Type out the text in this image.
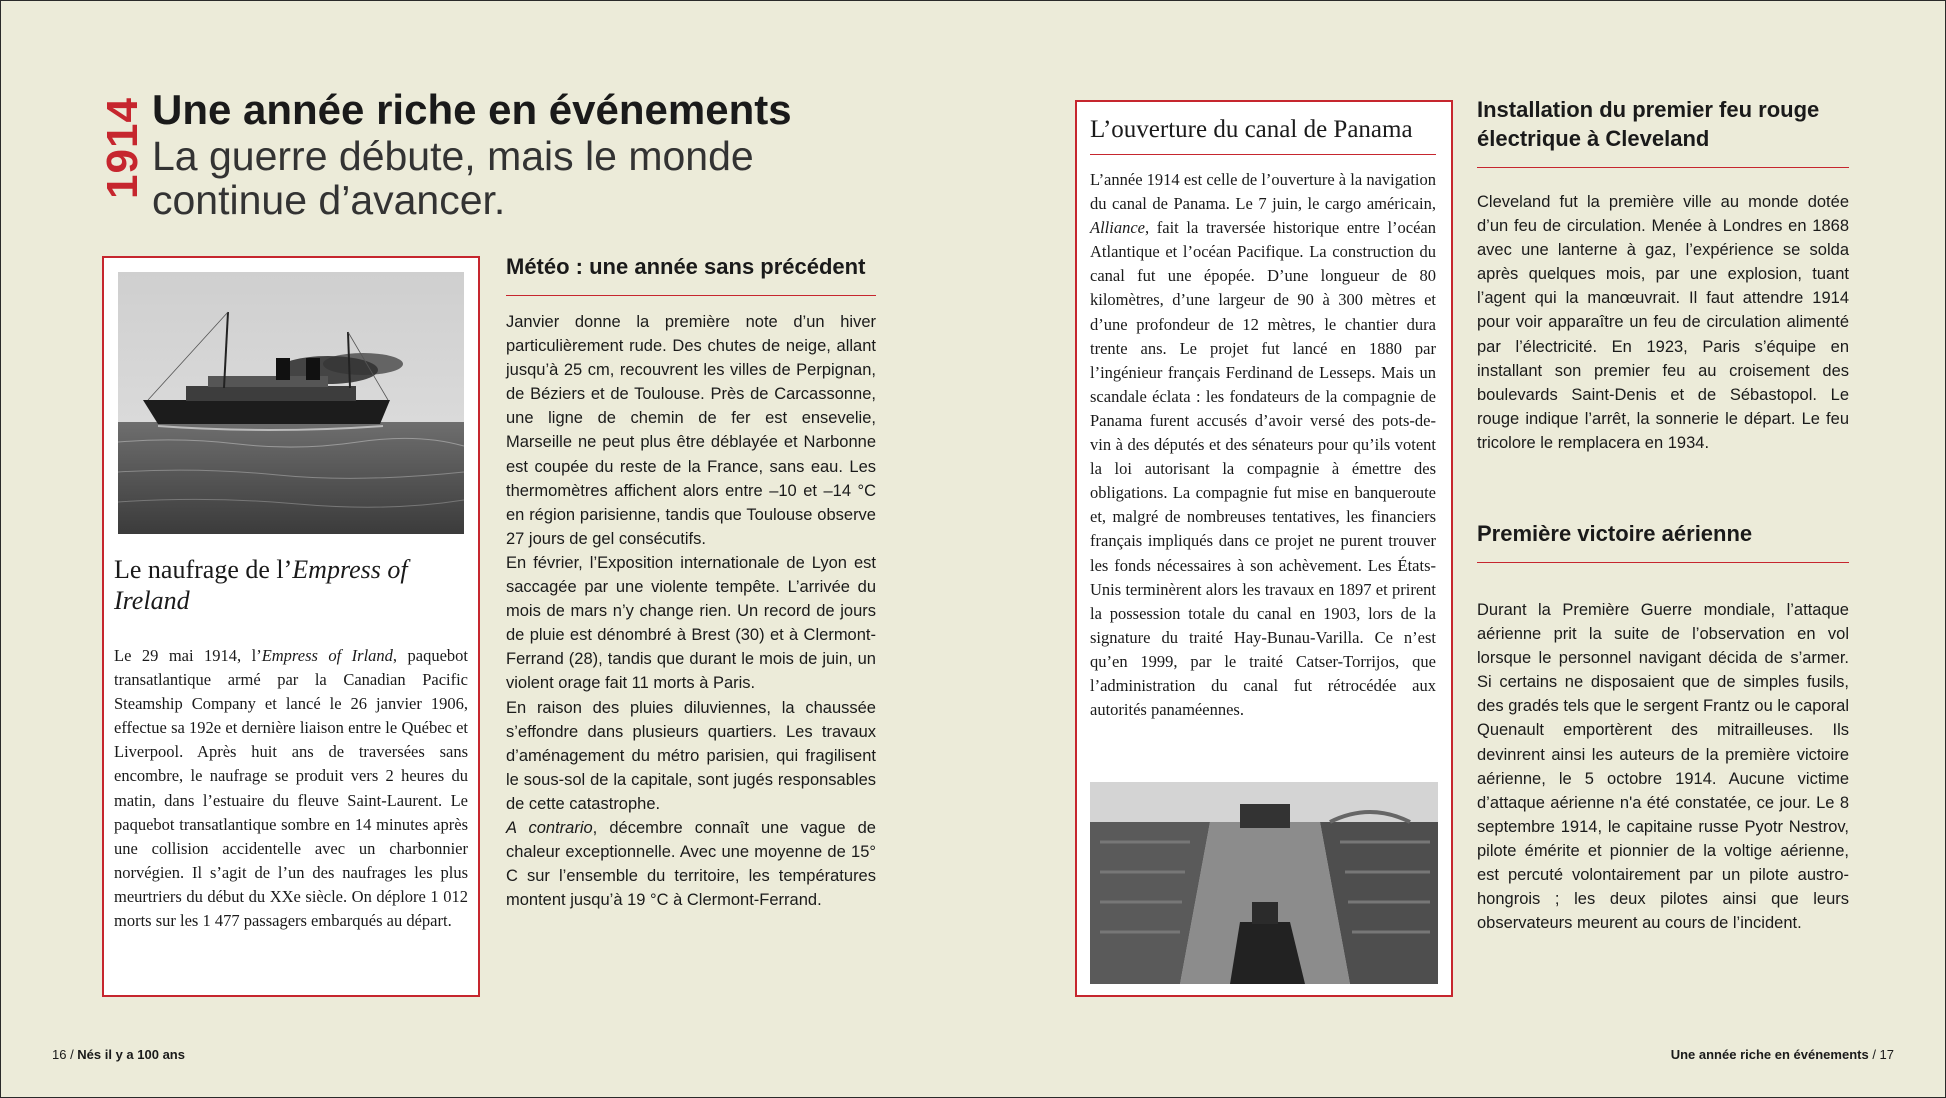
1914 Une année riche en événements
La guerre débute, mais le monde continue d’avancer.
Le naufrage de l’Empress of Ireland

Le 29 mai 1914, l’Empress of Irland, paquebot transatlantique armé par la Canadian Pacific Steamship Company et lancé le 26 janvier 1906, effectue sa 192e et dernière liaison entre le Québec et Liverpool. Après huit ans de traversées sans encombre, le naufrage se produit vers 2 heures du matin, dans l’estuaire du fleuve Saint-Laurent. Le paquebot transatlantique sombre en 14 minutes après une collision accidentelle avec un charbonnier norvégien. Il s’agit de l’un des naufrages les plus meurtriers du début du XXe siècle. On déplore 1 012 morts sur les 1 477 passagers embarqués au départ.

Météo : une année sans précédent

Janvier donne la première note d’un hiver particulièrement rude. Des chutes de neige, allant jusqu’à 25 cm, recouvrent les villes de Perpignan, de Béziers et de Toulouse. Près de Carcassonne, une ligne de chemin de fer est ensevelie, Marseille ne peut plus être déblayée et Narbonne est coupée du reste de la France, sans eau. Les thermomètres affichent alors entre –10 et –14 °C en région parisienne, tandis que Toulouse observe 27 jours de gel consécutifs.

En février, l’Exposition internationale de Lyon est saccagée par une violente tempête. L’arrivée du mois de mars n’y change rien. Un record de jours de pluie est dénombré à Brest (30) et à Clermont-Ferrand (28), tandis que durant le mois de juin, un violent orage fait 11 morts à Paris.

En raison des pluies diluviennes, la chaussée s’effondre dans plusieurs quartiers. Les travaux d’aménagement du métro parisien, qui fragilisent le sous-sol de la capitale, sont jugés responsables de cette catastrophe.

A contrario, décembre connaît une vague de chaleur exceptionnelle. Avec une moyenne de 15° C sur l’ensemble du territoire, les températures montent jusqu’à 19 °C à Clermont-Ferrand.

16 / Nés il y a 100 ans
L’ouverture du canal de Panama

L’année 1914 est celle de l’ouverture à la navigation du canal de Panama. Le 7 juin, le cargo américain, Alliance, fait la traversée historique entre l’océan Atlantique et l’océan Pacifique. La construction du canal fut une épopée. D’une longueur de 80 kilomètres, d’une largeur de 90 à 300 mètres et d’une profondeur de 12 mètres, le chantier dura trente ans. Le projet fut lancé en 1880 par l’ingénieur français Ferdinand de Lesseps. Mais un scandale éclata : les fondateurs de la compagnie de Panama furent accusés d’avoir versé des pots-de-vin à des députés et des sénateurs pour qu’ils votent la loi autorisant la compagnie à émettre des obligations. La compagnie fut mise en banqueroute et, malgré de nombreuses tentatives, les financiers français impliqués dans ce projet ne purent trouver les fonds nécessaires à son achèvement. Les États-Unis terminèrent alors les travaux en 1897 et prirent la possession totale du canal en 1903, lors de la signature du traité Hay-Bunau-Varilla. Ce n’est qu’en 1999, par le traité Catser-Torrijos, que l’administration du canal fut rétrocédée aux autorités panaméennes.

Installation du premier feu rouge électrique à Cleveland

Cleveland fut la première ville au monde dotée d’un feu de circulation. Menée à Londres en 1868 avec une lanterne à gaz, l’expérience se solda après quelques mois, par une explosion, tuant l’agent qui la manœuvrait. Il faut attendre 1914 pour voir apparaître un feu de circulation alimenté par l’électricité. En 1923, Paris s’équipe en installant son premier feu au croisement des boulevards Saint-Denis et de Sébastopol. Le rouge indique l’arrêt, la sonnerie le départ. Le feu tricolore le remplacera en 1934.

Première victoire aérienne

Durant la Première Guerre mondiale, l’attaque aérienne prit la suite de l’observation en vol lorsque le personnel navigant décida de s’armer. Si certains ne disposaient que de simples fusils, des gradés tels que le sergent Frantz ou le caporal Quenault emportèrent des mitrailleuses. Ils devinrent ainsi les auteurs de la première victoire aérienne, le 5 octobre 1914. Aucune victime d’attaque aérienne n'a été constatée, ce jour. Le 8 septembre 1914, le capitaine russe Pyotr Nestrov, pilote émérite et pionnier de la voltige aérienne, est percuté volontairement par un pilote austro-hongrois ; les deux pilotes ainsi que leurs observateurs meurent au cours de l’incident.

Une année riche en événements / 17
